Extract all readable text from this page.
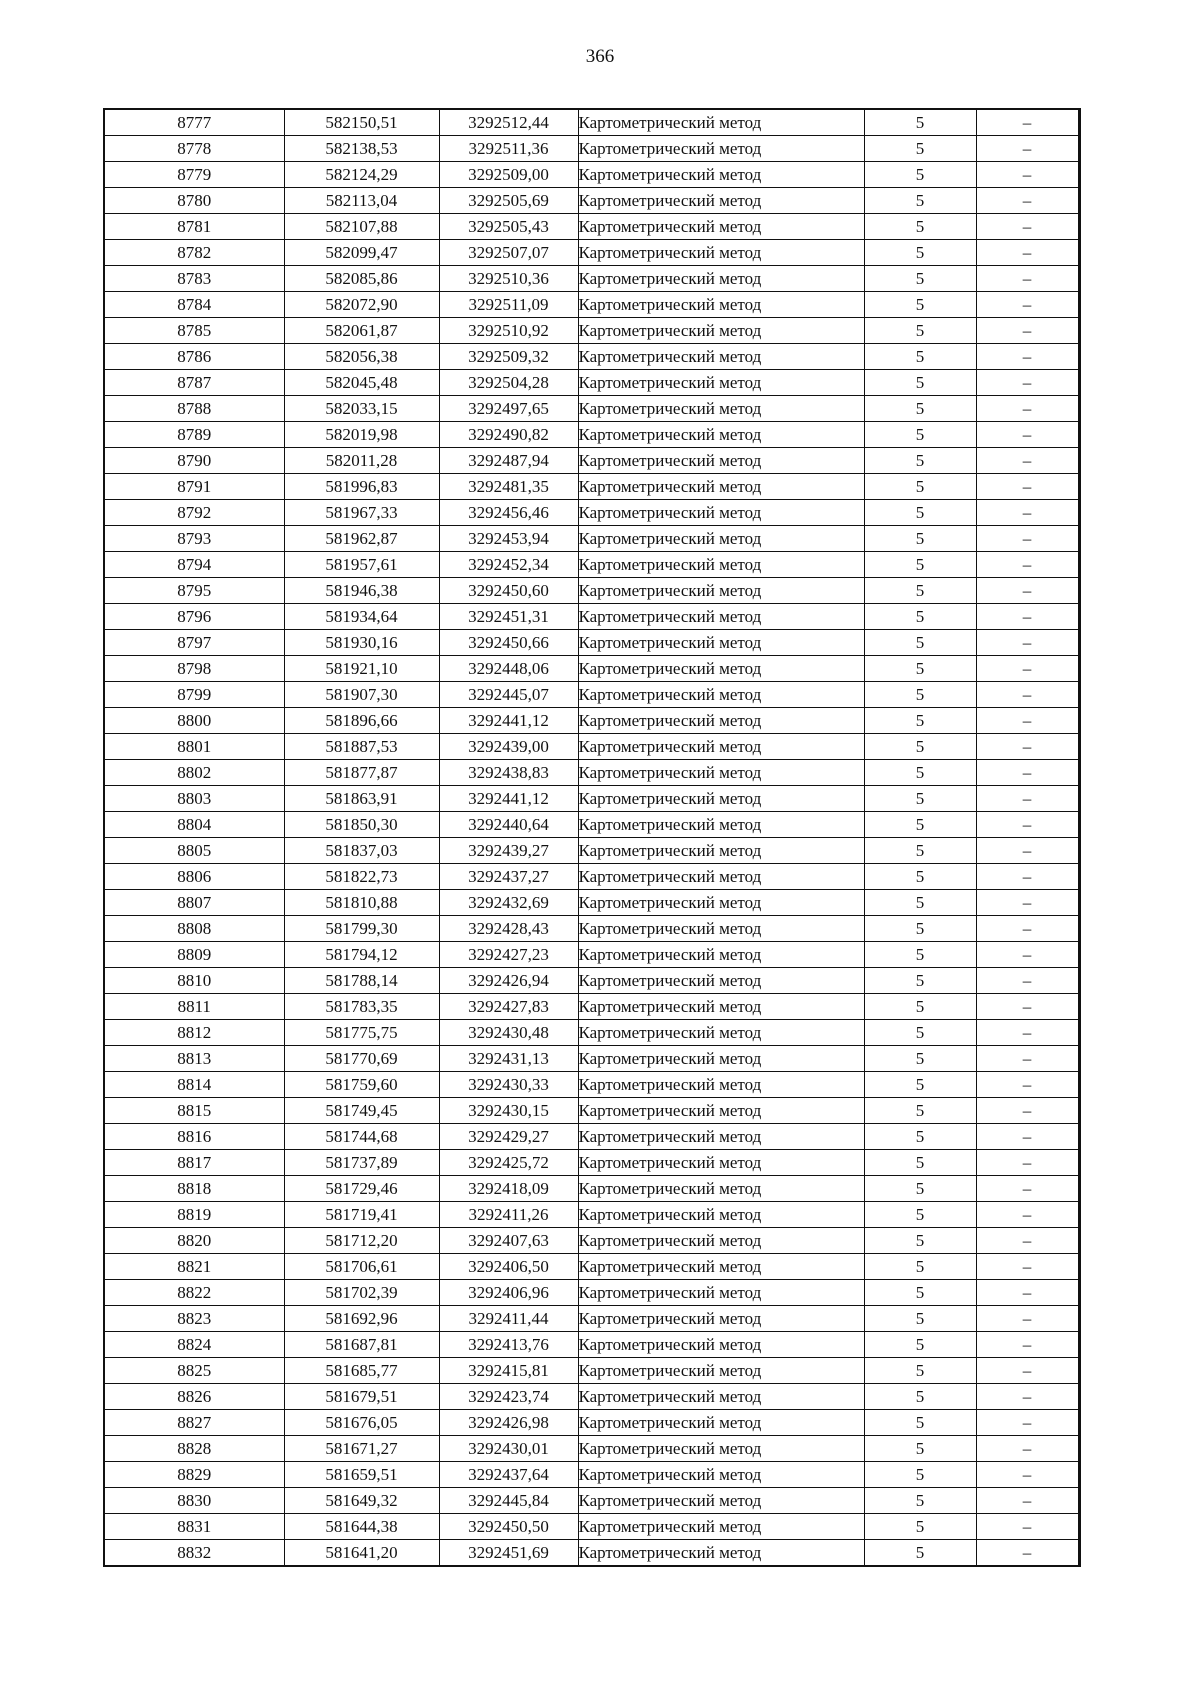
366
8777	582150,51	3292512,44	Картометрический метод	5	–
8778	582138,53	3292511,36	Картометрический метод	5	–
8779	582124,29	3292509,00	Картометрический метод	5	–
8780	582113,04	3292505,69	Картометрический метод	5	–
8781	582107,88	3292505,43	Картометрический метод	5	–
8782	582099,47	3292507,07	Картометрический метод	5	–
8783	582085,86	3292510,36	Картометрический метод	5	–
8784	582072,90	3292511,09	Картометрический метод	5	–
8785	582061,87	3292510,92	Картометрический метод	5	–
8786	582056,38	3292509,32	Картометрический метод	5	–
8787	582045,48	3292504,28	Картометрический метод	5	–
8788	582033,15	3292497,65	Картометрический метод	5	–
8789	582019,98	3292490,82	Картометрический метод	5	–
8790	582011,28	3292487,94	Картометрический метод	5	–
8791	581996,83	3292481,35	Картометрический метод	5	–
8792	581967,33	3292456,46	Картометрический метод	5	–
8793	581962,87	3292453,94	Картометрический метод	5	–
8794	581957,61	3292452,34	Картометрический метод	5	–
8795	581946,38	3292450,60	Картометрический метод	5	–
8796	581934,64	3292451,31	Картометрический метод	5	–
8797	581930,16	3292450,66	Картометрический метод	5	–
8798	581921,10	3292448,06	Картометрический метод	5	–
8799	581907,30	3292445,07	Картометрический метод	5	–
8800	581896,66	3292441,12	Картометрический метод	5	–
8801	581887,53	3292439,00	Картометрический метод	5	–
8802	581877,87	3292438,83	Картометрический метод	5	–
8803	581863,91	3292441,12	Картометрический метод	5	–
8804	581850,30	3292440,64	Картометрический метод	5	–
8805	581837,03	3292439,27	Картометрический метод	5	–
8806	581822,73	3292437,27	Картометрический метод	5	–
8807	581810,88	3292432,69	Картометрический метод	5	–
8808	581799,30	3292428,43	Картометрический метод	5	–
8809	581794,12	3292427,23	Картометрический метод	5	–
8810	581788,14	3292426,94	Картометрический метод	5	–
8811	581783,35	3292427,83	Картометрический метод	5	–
8812	581775,75	3292430,48	Картометрический метод	5	–
8813	581770,69	3292431,13	Картометрический метод	5	–
8814	581759,60	3292430,33	Картометрический метод	5	–
8815	581749,45	3292430,15	Картометрический метод	5	–
8816	581744,68	3292429,27	Картометрический метод	5	–
8817	581737,89	3292425,72	Картометрический метод	5	–
8818	581729,46	3292418,09	Картометрический метод	5	–
8819	581719,41	3292411,26	Картометрический метод	5	–
8820	581712,20	3292407,63	Картометрический метод	5	–
8821	581706,61	3292406,50	Картометрический метод	5	–
8822	581702,39	3292406,96	Картометрический метод	5	–
8823	581692,96	3292411,44	Картометрический метод	5	–
8824	581687,81	3292413,76	Картометрический метод	5	–
8825	581685,77	3292415,81	Картометрический метод	5	–
8826	581679,51	3292423,74	Картометрический метод	5	–
8827	581676,05	3292426,98	Картометрический метод	5	–
8828	581671,27	3292430,01	Картометрический метод	5	–
8829	581659,51	3292437,64	Картометрический метод	5	–
8830	581649,32	3292445,84	Картометрический метод	5	–
8831	581644,38	3292450,50	Картометрический метод	5	–
8832	581641,20	3292451,69	Картометрический метод	5	–
